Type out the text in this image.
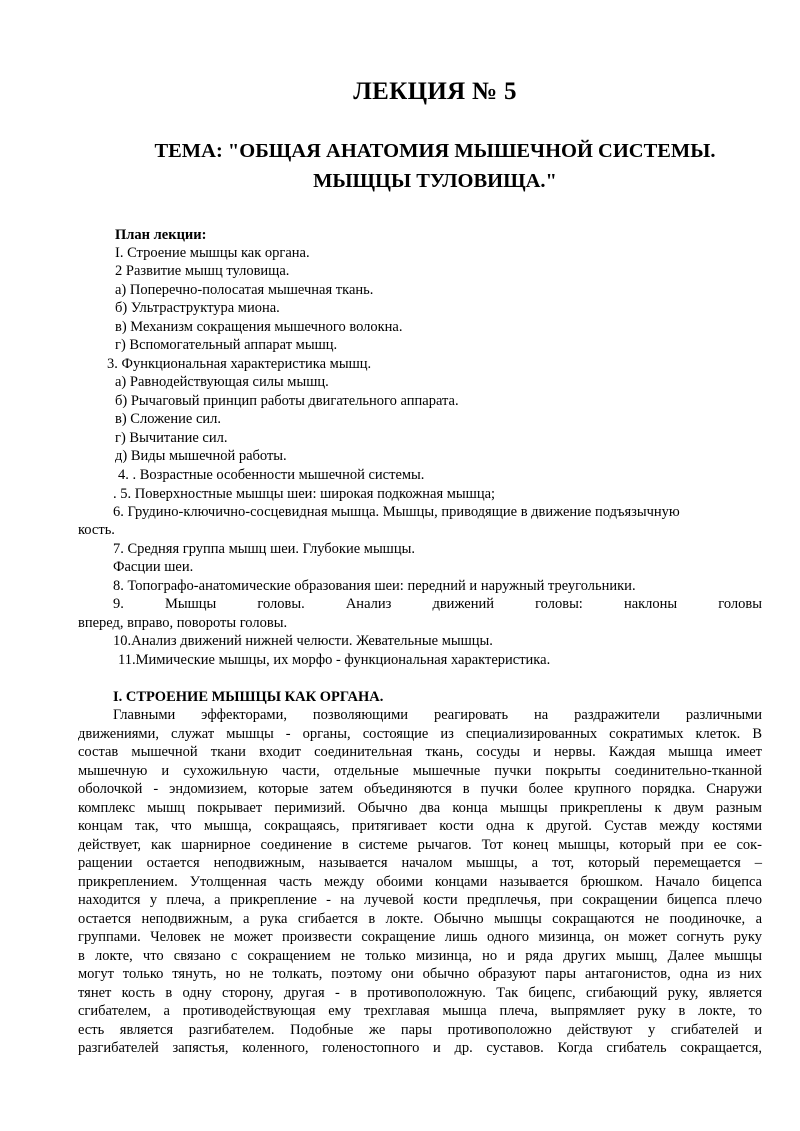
ЛЕКЦИЯ № 5
ТЕМА: "ОБЩАЯ АНАТОМИЯ МЫШЕЧНОЙ СИСТЕМЫ.
МЫЩЦЫ ТУЛОВИЩА."

План лекции:

I. Строение мышцы как органа.

2 Развитие мышц туловища.

а) Поперечно-полосатая мышечная ткань.

б) Ультраструктура миона.

в) Механизм сокращения мышечного волокна.

г) Вспомогательный аппарат мышц.

3. Функциональная характеристика мышц.

а) Равнодействующая силы мышц.

б) Рычаговый принцип работы двигательного аппарата.

в) Сложение сил.

г) Вычитание сил.

д) Виды мышечной работы.

4. . Возрастные особенности мышечной системы.

. 5. Поверхностные мышцы шеи: широкая подкожная мышца;

6. Грудино-ключично-сосцевидная мышца. Мышцы, приводящие в движение подъязычную

кость.

7. Средняя группа мышц шеи. Глубокие мышцы.

Фасции шеи.

8. Топографо-анатомические образования шеи: передний и наружный треугольники.

9. Мышцы головы. Анализ движений головы: наклоны головы

вперед, вправо, повороты головы.

10.Анализ движений нижней челюсти. Жевательные мышцы.

11.Мимические мышцы, их морфо - функциональная характеристика.

I. СТРОЕНИЕ МЫШЦЫ КАК ОРГАНА.

Главными эффекторами, позволяющими реагировать на раздражители различными

движениями, служат мышцы - органы, состоящие из специализированных сократимых клеток. В

состав мышечной ткани входит соединительная ткань, сосуды и нервы. Каждая мышца имеет

мышечную и сухожильную части, отдельные мышечные пучки покрыты соединительно-тканной

оболочкой - эндомизием, которые затем объединяются в пучки более крупного порядка. Снаружи

комплекс мышц покрывает перимизий. Обычно два конца мышцы прикреплены к двум разным

концам так, что мышца, сокращаясь, притягивает кости одна к другой. Сустав между костями

действует, как шарнирное соединение в системе рычагов. Тот конец мышцы, который при ее сок-

ращении остается неподвижным, называется началом мышцы, а тот, который перемещается –

прикреплением. Утолщенная часть между обоими концами называется брюшком. Начало бицепса

находится у плеча, а прикрепление - на лучевой кости предплечья, при сокращении бицепса плечо

остается неподвижным, а рука сгибается в локте. Обычно мышцы сокращаются не поодиночке, а

группами. Человек не может произвести сокращение лишь одного мизинца, он может согнуть руку

в локте, что связано с сокращением не только мизинца, но и ряда других мышц, Далее мышцы

могут только тянуть, но не толкать, поэтому они обычно образуют пары антагонистов, одна из них

тянет кость в одну сторону, другая - в противоположную. Так бицепс, сгибающий руку, является

сгибателем, а противодействующая ему трехглавая мышца плеча, выпрямляет руку в локте, то

есть является разгибателем. Подобные же пары противоположно действуют у сгибателей и

разгибателей запястья, коленного, голеностопного и др. суставов. Когда сгибатель сокращается,
